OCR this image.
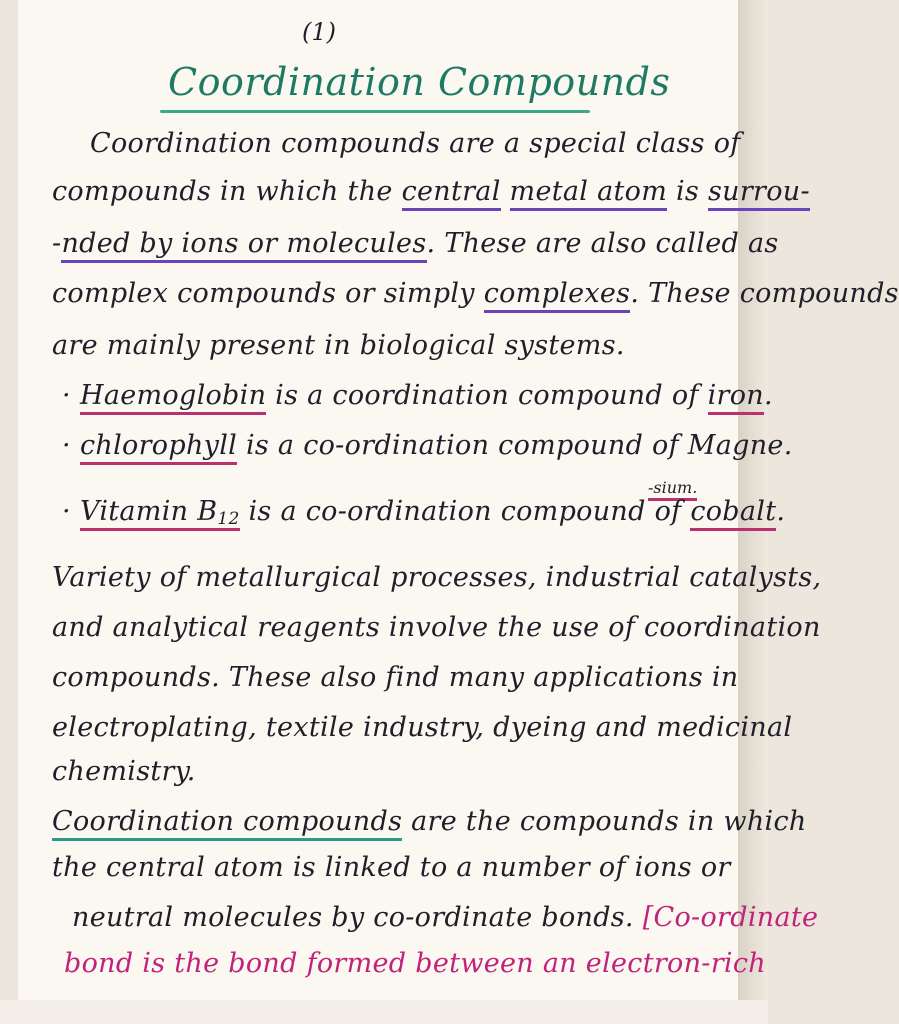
(1)
Coordination Compounds
Coordination compounds are a special class of
compounds in which the central metal atom is surrou-
-nded by ions or molecules. These are also called as
complex compounds or simply complexes. These compounds
are mainly present in biological systems.
· Haemoglobin is a coordination compound of iron.
· chlorophyll is a co-ordination compound of Magne.
-sium.
· Vitamin $B_{12}$ is a co-ordination compound of cobalt.
Variety of metallurgical processes, industrial catalysts,
and analytical reagents involve the use of coordination
compounds. These also find many applications in
electroplating, textile industry, dyeing and medicinal
chemistry.
Coordination compounds are the compounds in which
the central atom is linked to a number of ions or
neutral molecules by co-ordinate bonds. [Co-ordinate
bond is the bond formed between an electron-rich
